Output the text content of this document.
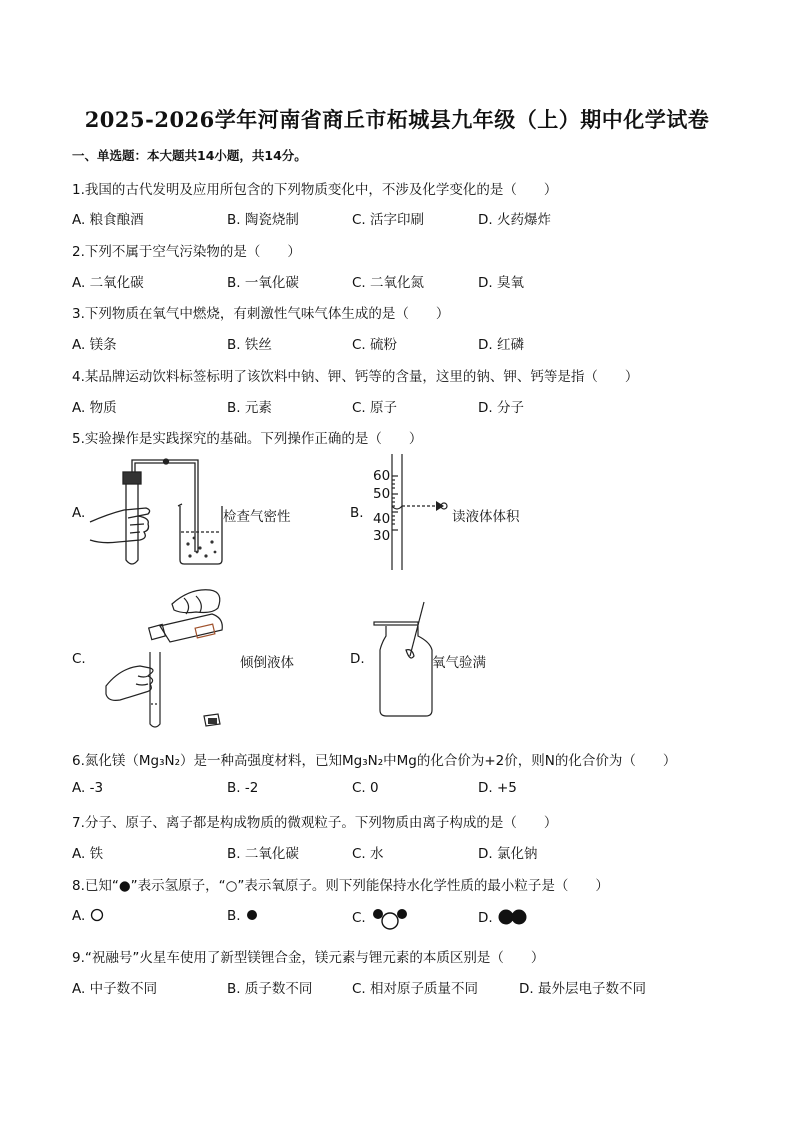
2025-2026学年河南省商丘市柘城县九年级（上）期中化学试卷
一、单选题：本大题共14小题，共14分。
1.我国的古代发明及应用所包含的下列物质变化中，不涉及化学变化的是（　　）
A. 粮食酿酒	B. 陶瓷烧制	C. 活字印刷	D. 火药爆炸
2.下列不属于空气污染物的是（　　）
A. 二氧化碳	B. 一氧化碳	C. 二氧化氮	D. 臭氧
3.下列物质在氧气中燃烧，有刺激性气味气体生成的是（　　）
A. 镁条	B. 铁丝	C. 硫粉	D. 红磷
4.某品牌运动饮料标签标明了该饮料中钠、钾、钙等的含量，这里的钠、钾、钙等是指（　　）
A. 物质	B. 元素	C. 原子	D. 分子
5.实验操作是实践探究的基础。下列操作正确的是（　　）
A.	检查气密性	B.
60
50
40
30
读液体体积
C.	倾倒液体	D.	氧气验满
6.氮化镁（Mg₃N₂）是一种高强度材料，已知Mg₃N₂中Mg的化合价为+2价，则N的化合价为（　　）
A. -3	B. -2	C. 0	D. +5
7.分子、原子、离子都是构成物质的微观粒子。下列物质由离子构成的是（　　）
A. 铁	B. 二氧化碳	C. 水	D. 氯化钠
8.已知“●”表示氢原子，“○”表示氧原子。则下列能保持水化学性质的最小粒子是（　　）
A.	B.	C.	D.
9.“祝融号”火星车使用了新型镁锂合金，镁元素与锂元素的本质区别是（　　）
A. 中子数不同	B. 质子数不同	C. 相对原子质量不同	D. 最外层电子数不同
